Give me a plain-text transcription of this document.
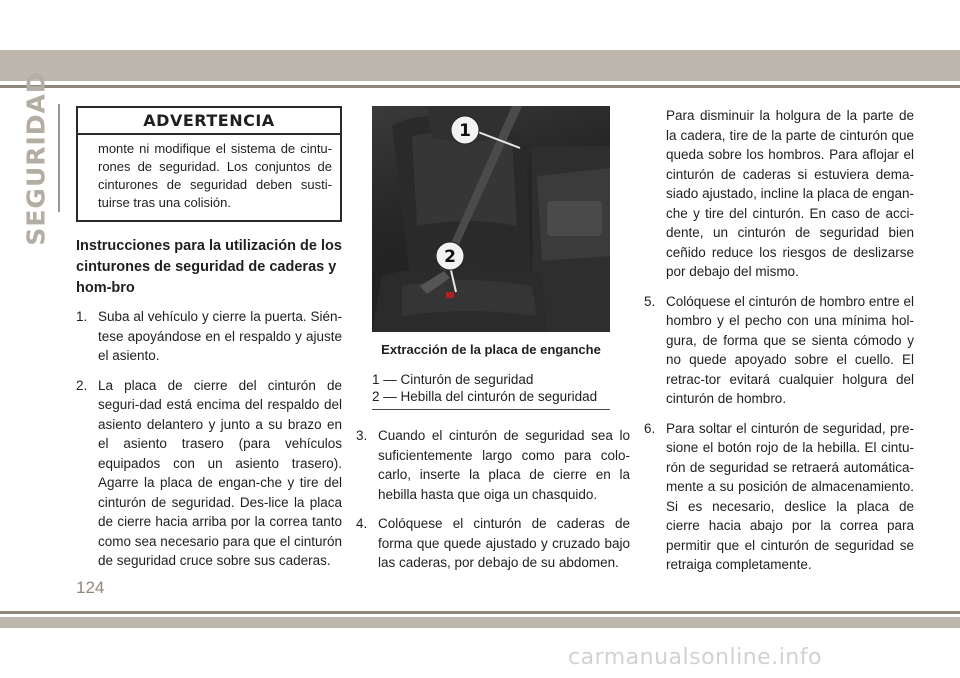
SEGURIDAD	ADVERTENCIA
monte ni modifique el sistema de cintu-rones de seguridad. Los conjuntos de cinturones de seguridad deben susti-tuirse tras una colisión.
Instrucciones para la utilización de los cinturones de seguridad de caderas y hom-bro
1. Suba al vehículo y cierre la puerta. Sién-tese apoyándose en el respaldo y ajuste el asiento.
2. La placa de cierre del cinturón de seguri-dad está encima del respaldo del asiento delantero y junto a su brazo en el asiento trasero (para vehículos equipados con un asiento trasero). Agarre la placa de engan-che y tire del cinturón de seguridad. Des-lice la placa de cierre hacia arriba por la correa tanto como sea necesario para que el cinturón de seguridad cruce sobre sus caderas.
1
2
Extracción de la placa de enganche
1 — Cinturón de seguridad
2 — Hebilla del cinturón de seguridad
3. Cuando el cinturón de seguridad sea lo suficientemente largo como para colo-carlo, inserte la placa de cierre en la hebilla hasta que oiga un chasquido.
4. Colóquese el cinturón de caderas de forma que quede ajustado y cruzado bajo las caderas, por debajo de su abdomen.
Para disminuir la holgura de la parte de la cadera, tire de la parte de cinturón que queda sobre los hombros. Para aflojar el cinturón de caderas si estuviera dema-siado ajustado, incline la placa de engan-che y tire del cinturón. En caso de acci-dente, un cinturón de seguridad bien ceñido reduce los riesgos de deslizarse por debajo del mismo.
5. Colóquese el cinturón de hombro entre el hombro y el pecho con una mínima hol-gura, de forma que se sienta cómodo y no quede apoyado sobre el cuello. El retrac-tor evitará cualquier holgura del cinturón de hombro.
6. Para soltar el cinturón de seguridad, pre-sione el botón rojo de la hebilla. El cintu-rón de seguridad se retraerá automática-mente a su posición de almacenamiento. Si es necesario, deslice la placa de cierre hacia abajo por la correa para permitir que el cinturón de seguridad se retraiga completamente.
124
carmanualsonline.info
